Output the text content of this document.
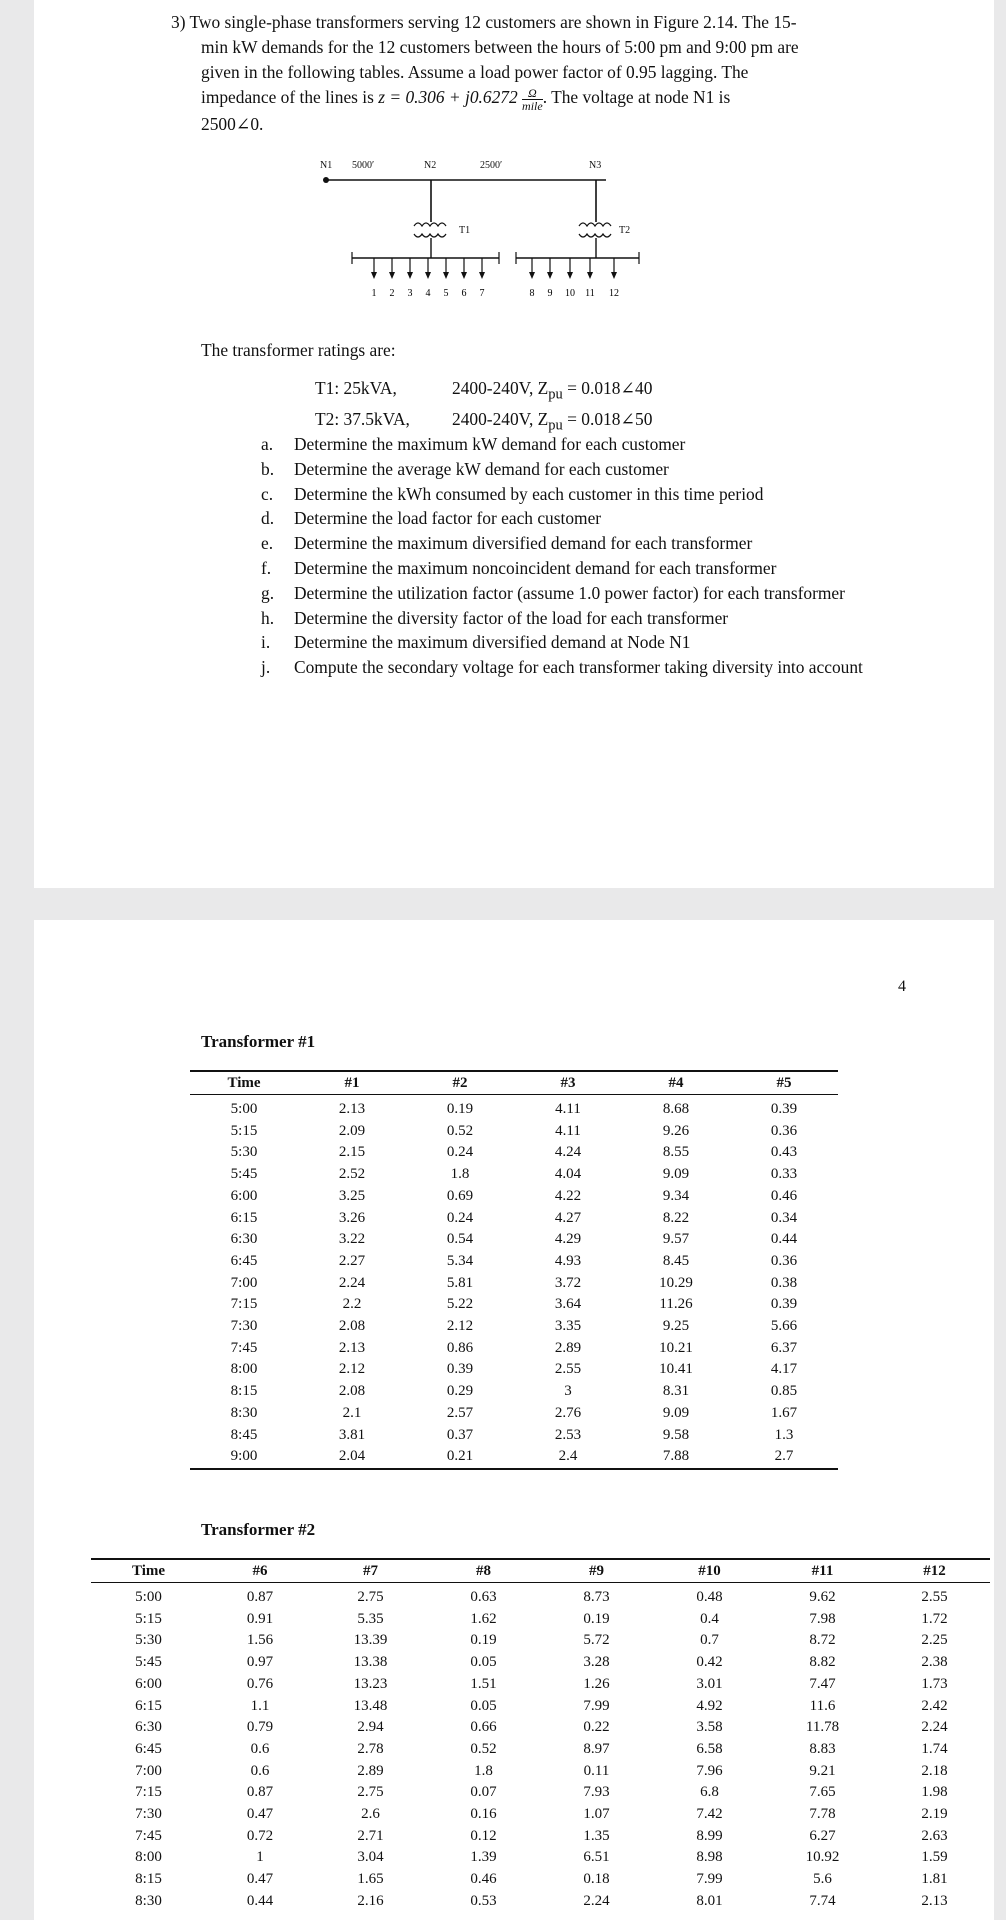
3) Two single-phase transformers serving 12 customers are shown in Figure 2.14. The 15-

min kW demands for the 12 customers between the hours of 5:00 pm and 9:00 pm are

given in the following tables. Assume a load power factor of 0.95 lagging. The

impedance of the lines is $z = 0.306 + j0.6272 \frac{\Omega}{\text{mile}}$ . The voltage at node N1 is

2500∠0.

N1	N2	N3
5000′	2500′
T1	T2
1 2 3 4 5 6 7	8 9 10 11 12
The transformer ratings are:
T1: 25kVA,	2400-240V, $Z_{pu}$ = 0.018∠40
T2: 37.5kVA, 2400-240V, $Z_{pu}$ = 0.018∠50
a. Determine the maximum kW demand for each customer
b. Determine the average kW demand for each customer
c. Determine the kWh consumed by each customer in this time period
d. Determine the load factor for each customer
e. Determine the maximum diversified demand for each transformer
f. Determine the maximum noncoincident demand for each transformer
g. Determine the utilization factor (assume 1.0 power factor) for each transformer
h. Determine the diversity factor of the load for each transformer
i. Determine the maximum diversified demand at Node N1
j. Compute the secondary voltage for each transformer taking diversity into account
4
Transformer #1
Time	#1	#2	#3	#4	#5
5:00	2.13	0.19	4.11	8.68	0.39
5:15	2.09	0.52	4.11	9.26	0.36
5:30	2.15	0.24	4.24	8.55	0.43
5:45	2.52	1.8	4.04	9.09	0.33
6:00	3.25	0.69	4.22	9.34	0.46
6:15	3.26	0.24	4.27	8.22	0.34
6:30	3.22	0.54	4.29	9.57	0.44
6:45	2.27	5.34	4.93	8.45	0.36
7:00	2.24	5.81	3.72	10.29	0.38
7:15	2.2	5.22	3.64	11.26	0.39
7:30	2.08	2.12	3.35	9.25	5.66
7:45	2.13	0.86	2.89	10.21	6.37
8:00	2.12	0.39	2.55	10.41	4.17
8:15	2.08	0.29	3	8.31	0.85
8:30	2.1	2.57	2.76	9.09	1.67
8:45	3.81	0.37	2.53	9.58	1.3
9:00	2.04	0.21	2.4	7.88	2.7
Transformer #2
Time	#6	#7	#8	#9	#10	#11	#12
5:00	0.87	2.75	0.63	8.73	0.48	9.62	2.55
5:15	0.91	5.35	1.62	0.19	0.4	7.98	1.72
5:30	1.56	13.39	0.19	5.72	0.7	8.72	2.25
5:45	0.97	13.38	0.05	3.28	0.42	8.82	2.38
6:00	0.76	13.23	1.51	1.26	3.01	7.47	1.73
6:15	1.1	13.48	0.05	7.99	4.92	11.6	2.42
6:30	0.79	2.94	0.66	0.22	3.58	11.78	2.24
6:45	0.6	2.78	0.52	8.97	6.58	8.83	1.74
7:00	0.6	2.89	1.8	0.11	7.96	9.21	2.18
7:15	0.87	2.75	0.07	7.93	6.8	7.65	1.98
7:30	0.47	2.6	0.16	1.07	7.42	7.78	2.19
7:45	0.72	2.71	0.12	1.35	8.99	6.27	2.63
8:00	1	3.04	1.39	6.51	8.98	10.92	1.59
8:15	0.47	1.65	0.46	0.18	7.99	5.6	1.81
8:30	0.44	2.16	0.53	2.24	8.01	7.74	2.13
